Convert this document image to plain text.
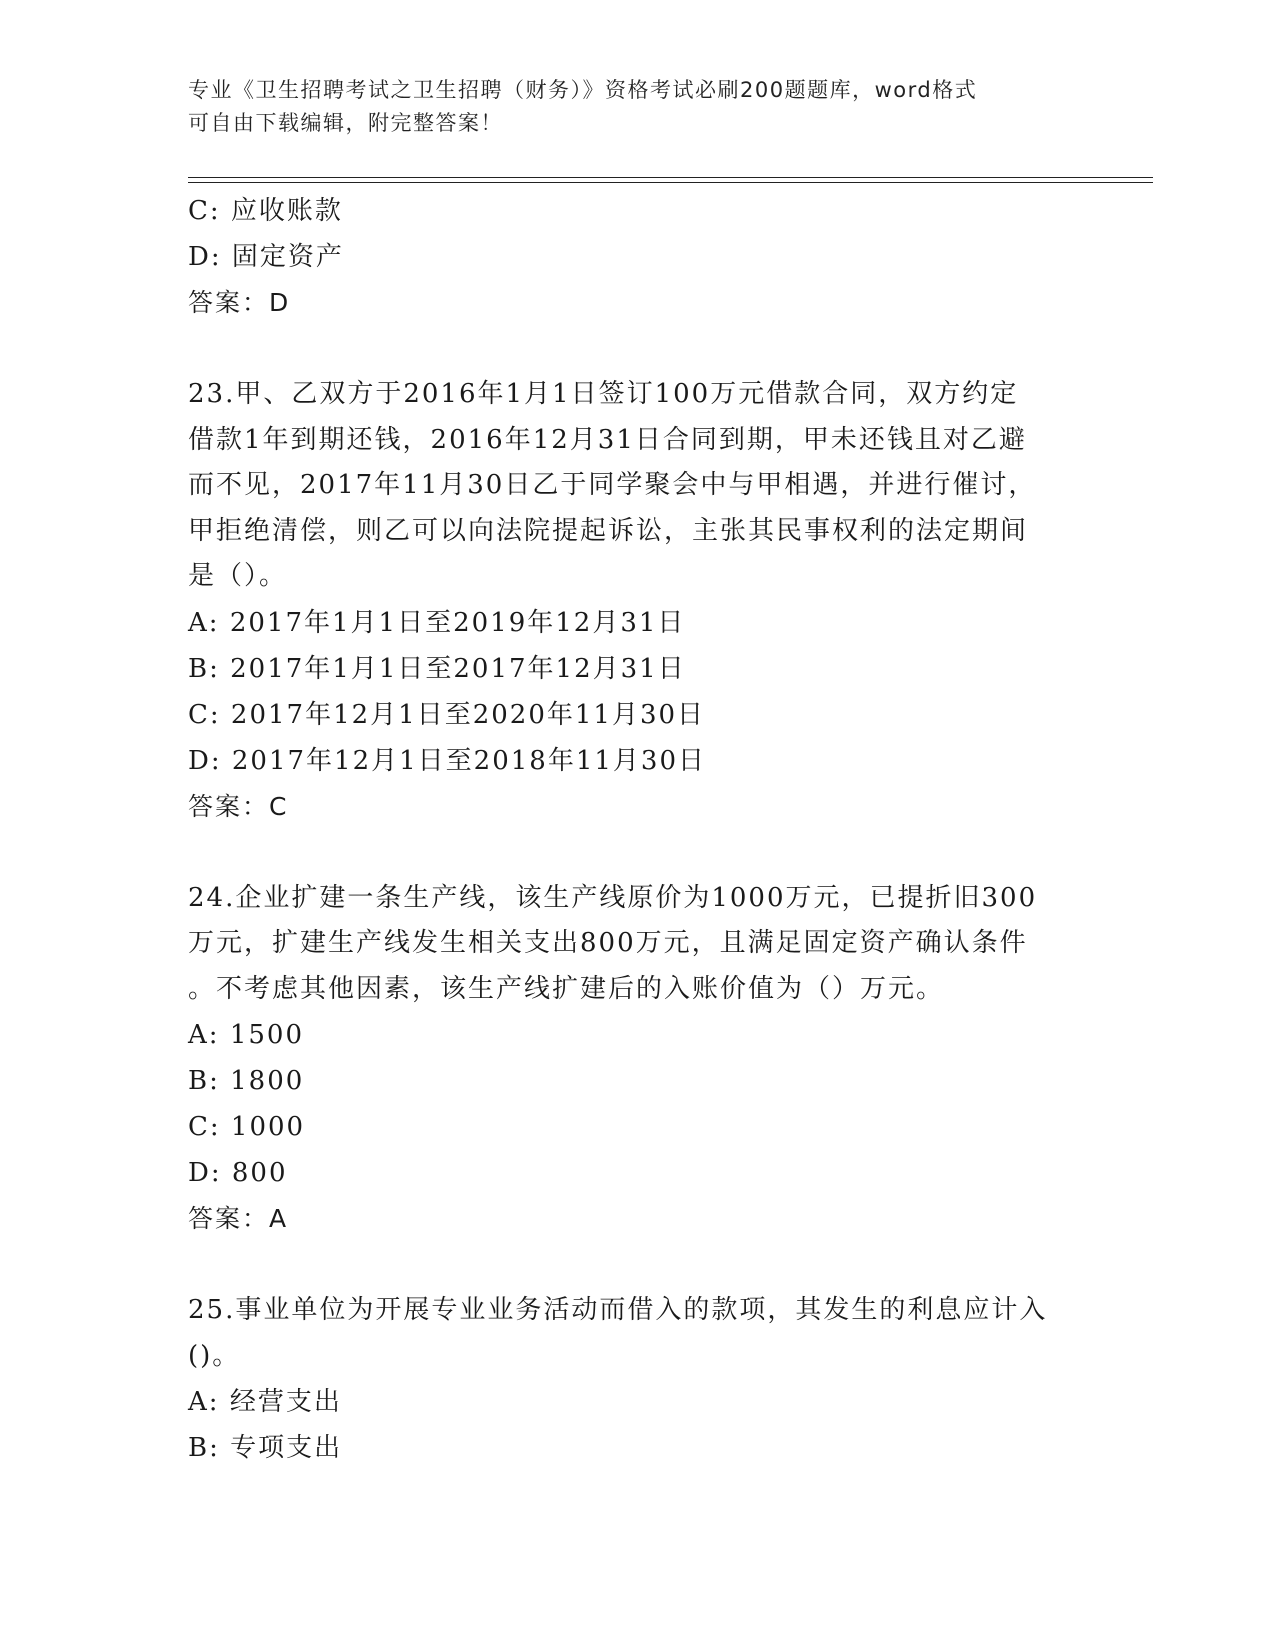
专业《卫生招聘考试之卫生招聘（财务）》资格考试必刷200题题库，word格式
可自由下载编辑，附完整答案！
C: 应收账款
D: 固定资产
答案：D
23.甲、乙双方于2016年1月1日签订100万元借款合同，双方约定
借款1年到期还钱，2016年12月31日合同到期，甲未还钱且对乙避
而不见，2017年11月30日乙于同学聚会中与甲相遇，并进行催讨，
甲拒绝清偿，则乙可以向法院提起诉讼，主张其民事权利的法定期间
是（）。
A: 2017年1月1日至2019年12月31日
B: 2017年1月1日至2017年12月31日
C: 2017年12月1日至2020年11月30日
D: 2017年12月1日至2018年11月30日
答案：C
24.企业扩建一条生产线，该生产线原价为1000万元，已提折旧300
万元，扩建生产线发生相关支出800万元，且满足固定资产确认条件
。不考虑其他因素，该生产线扩建后的入账价值为（）万元。
A: 1500
B: 1800
C: 1000
D: 800
答案：A
25.事业单位为开展专业业务活动而借入的款项，其发生的利息应计入
()。
A: 经营支出
B: 专项支出
